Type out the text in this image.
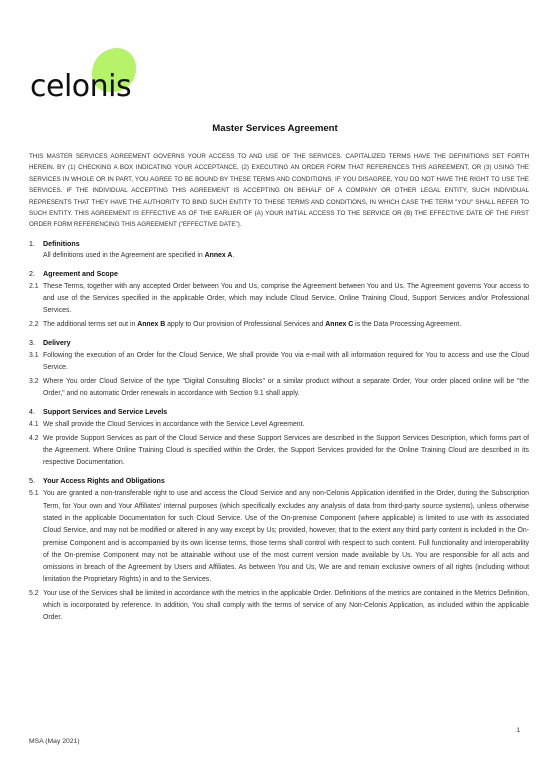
celonis
Master Services Agreement

THIS MASTER SERVICES AGREEMENT GOVERNS YOUR ACCESS TO AND USE OF THE SERVICES. CAPITALIZED TERMS HAVE THE DEFINITIONS SET FORTH HEREIN. BY (1) CHECKING A BOX INDICATING YOUR ACCEPTANCE, (2) EXECUTING AN ORDER FORM THAT REFERENCES THIS AGREEMENT, OR (3) USING THE SERVICES IN WHOLE OR IN PART, YOU AGREE TO BE BOUND BY THESE TERMS AND CONDITIONS. IF YOU DISAGREE, YOU DO NOT HAVE THE RIGHT TO USE THE SERVICES. IF THE INDIVIDUAL ACCEPTING THIS AGREEMENT IS ACCEPTING ON BEHALF OF A COMPANY OR OTHER LEGAL ENTITY, SUCH INDIVIDUAL REPRESENTS THAT THEY HAVE THE AUTHORITY TO BIND SUCH ENTITY TO THESE TERMS AND CONDITIONS, IN WHICH CASE THE TERM "YOU" SHALL REFER TO SUCH ENTITY. THIS AGREEMENT IS EFFECTIVE AS OF THE EARLIER OF (A) YOUR INITIAL ACCESS TO THE SERVICE OR (B) THE EFFECTIVE DATE OF THE FIRST ORDER FORM REFERENCING THIS AGREEMENT ("EFFECTIVE DATE").

1.	Definitions
All definitions used in the Agreement are specified in Annex A.
2.	Agreement and Scope
2.1 These Terms, together with any accepted Order between You and Us, comprise the Agreement between You and Us. The Agreement governs Your access to and use of the Services specified in the applicable Order, which may include Cloud Service, Online Training Cloud, Support Services and/or Professional Services.
2.2 The additional terms set out in Annex B apply to Our provision of Professional Services and Annex C is the Data Processing Agreement.
3.	Delivery
3.1 Following the execution of an Order for the Cloud Service, We shall provide You via e-mail with all information required for You to access and use the Cloud Service.
3.2 Where You order Cloud Service of the type "Digital Consulting Blocks" or a similar product without a separate Order, Your order placed online will be "the Order," and no automatic Order renewals in accordance with Section 9.1 shall apply.
4.	Support Services and Service Levels
4.1 We shall provide the Cloud Services in accordance with the Service Level Agreement.
4.2 We provide Support Services as part of the Cloud Service and these Support Services are described in the Support Services Description, which forms part of the Agreement. Where Online Training Cloud is specified within the Order, the Support Services provided for the Online Training Cloud are described in its respective Documentation.
5.	Your Access Rights and Obligations
5.1 You are granted a non-transferable right to use and access the Cloud Service and any non-Celonis Application identified in the Order, during the Subscription Term, for Your own and Your Affiliates' internal purposes (which specifically excludes any analysis of data from third-party source systems), unless otherwise stated in the applicable Documentation for such Cloud Service. Use of the On-premise Component (where applicable) is limited to use with its associated Cloud Service, and may not be modified or altered in any way except by Us; provided, however, that to the extent any third party content is included in the On-premise Component and is accompanied by its own license terms, those terms shall control with respect to such content. Full functionality and interoperability of the On-premise Component may not be attainable without use of the most current version made available by Us. You are responsible for all acts and omissions in breach of the Agreement by Users and Affiliates. As between You and Us, We are and remain exclusive owners of all rights (including without limitation the Proprietary Rights) in and to the Services.
5.2 Your use of the Services shall be limited in accordance with the metrics in the applicable Order. Definitions of the metrics are contained in the Metrics Definition, which is incorporated by reference. In addition, You shall comply with the terms of service of any Non-Celonis Application, as included within the applicable Order.
1
MSA (May 2021)
